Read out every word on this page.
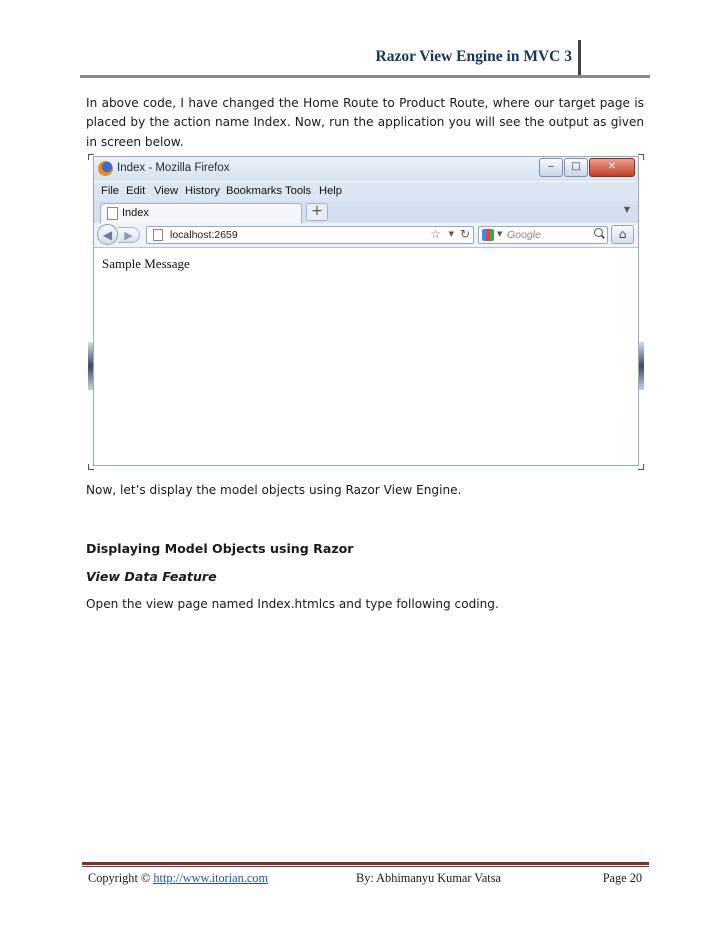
Razor View Engine in MVC 3
In above code, I have changed the Home Route to Product Route, where our target page is placed by the action name Index. Now, run the application you will see the output as given in screen below.
Index - Mozilla Firefox	‒	□	✕
File Edit View History Bookmarks Tools Help
Index	+	▼
◀	▶	localhost:2659	☆ ▼ ↻	▼ Google	⌂
Sample Message
Now, let’s display the model objects using Razor View Engine.
Displaying Model Objects using Razor
View Data Feature
Open the view page named Index.htmlcs and type following coding.
Copyright © http://www.itorian.com	By: Abhimanyu Kumar Vatsa	Page 20
